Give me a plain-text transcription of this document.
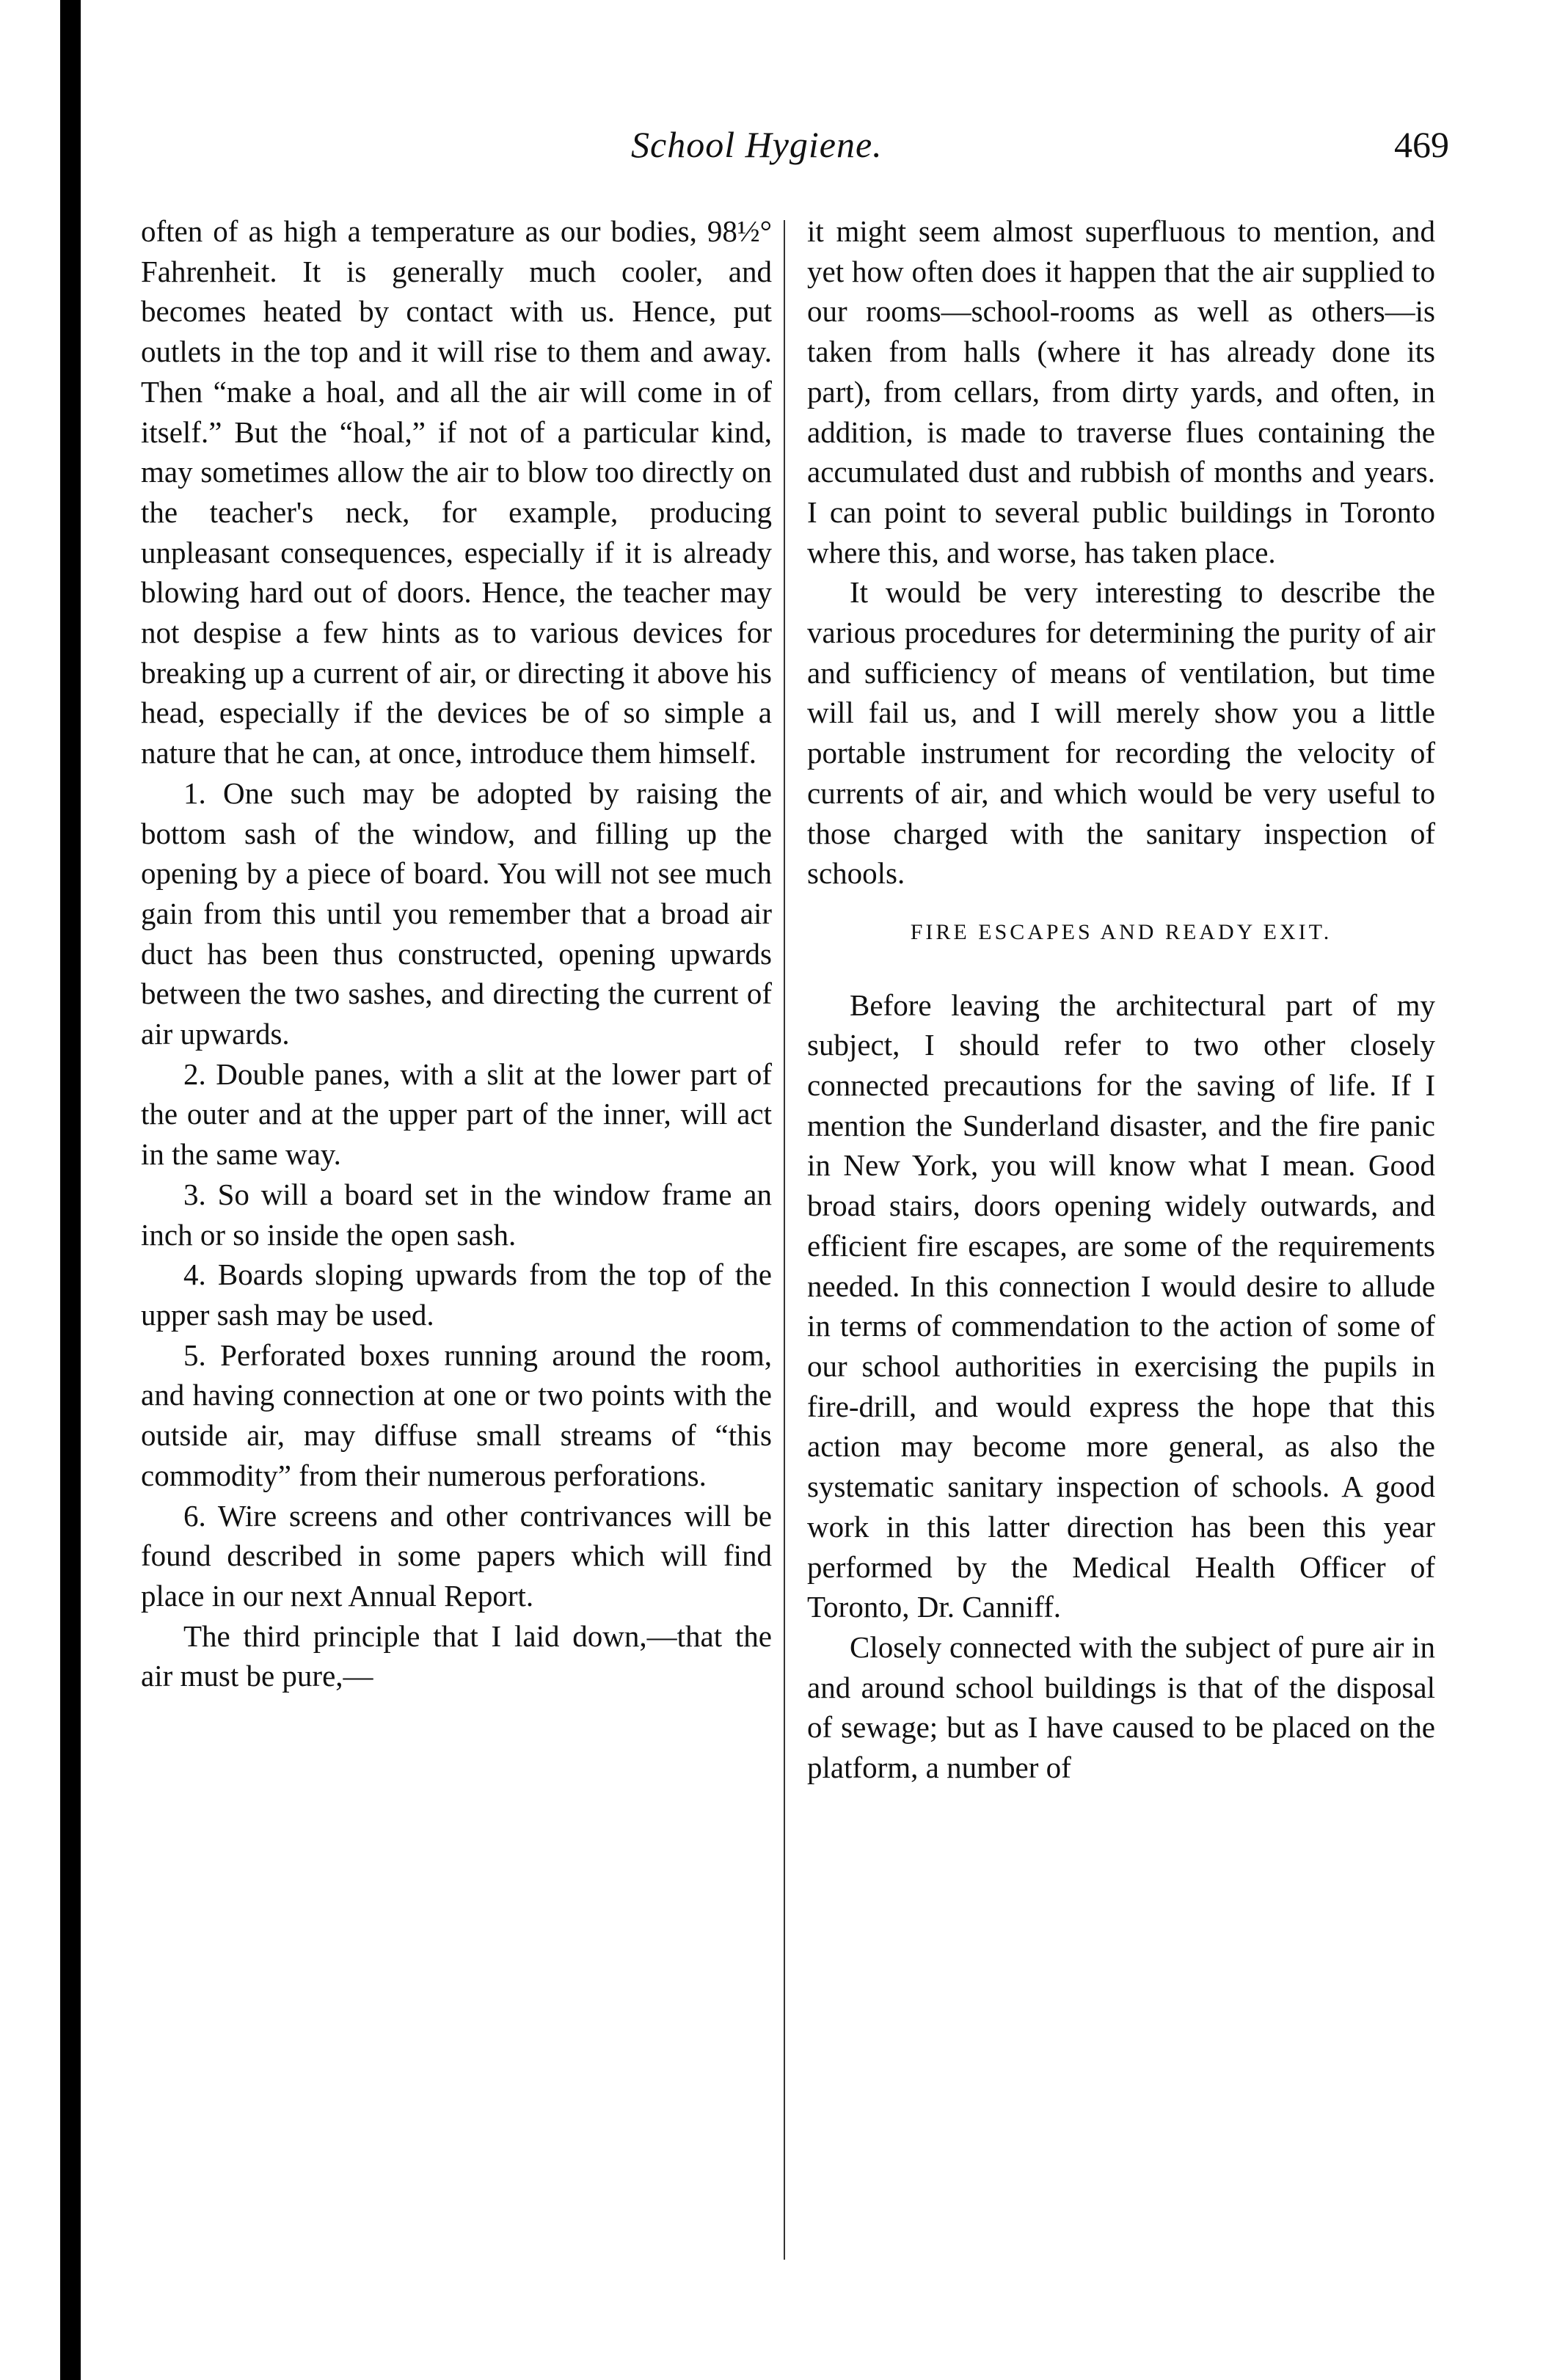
School Hygiene.	469

often of as high a temperature as our bodies, 98½° Fahrenheit. It is generally much cooler, and becomes heated by contact with us. Hence, put outlets in the top and it will rise to them and away. Then “make a hoal, and all the air will come in of itself.” But the “hoal,” if not of a particular kind, may sometimes allow the air to blow too directly on the teacher's neck, for example, producing unpleasant consequences, especially if it is already blowing hard out of doors. Hence, the teacher may not despise a few hints as to various devices for breaking up a current of air, or directing it above his head, especially if the devices be of so simple a nature that he can, at once, introduce them himself.

1. One such may be adopted by raising the bottom sash of the window, and filling up the opening by a piece of board. You will not see much gain from this until you remember that a broad air duct has been thus constructed, opening upwards between the two sashes, and directing the current of air upwards.

2. Double panes, with a slit at the lower part of the outer and at the upper part of the inner, will act in the same way.

3. So will a board set in the window frame an inch or so inside the open sash.

4. Boards sloping upwards from the top of the upper sash may be used.

5. Perforated boxes running around the room, and having connection at one or two points with the outside air, may diffuse small streams of “this commodity” from their numerous perforations.

6. Wire screens and other contrivances will be found described in some papers which will find place in our next Annual Report.

The third principle that I laid down,—that the air must be pure,—

it might seem almost superfluous to mention, and yet how often does it happen that the air supplied to our rooms—school-rooms as well as others—is taken from halls (where it has already done its part), from cellars, from dirty yards, and often, in addition, is made to traverse flues containing the accumulated dust and rubbish of months and years. I can point to several public buildings in Toronto where this, and worse, has taken place.

It would be very interesting to describe the various procedures for determining the purity of air and sufficiency of means of ventilation, but time will fail us, and I will merely show you a little portable instrument for recording the velocity of currents of air, and which would be very useful to those charged with the sanitary inspection of schools.

FIRE ESCAPES AND READY EXIT.

Before leaving the architectural part of my subject, I should refer to two other closely connected precautions for the saving of life. If I mention the Sunderland disaster, and the fire panic in New York, you will know what I mean. Good broad stairs, doors opening widely outwards, and efficient fire escapes, are some of the requirements needed. In this connection I would desire to allude in terms of commendation to the action of some of our school authorities in exercising the pupils in fire-drill, and would express the hope that this action may become more general, as also the systematic sanitary inspection of schools. A good work in this latter direction has been this year performed by the Medical Health Officer of Toronto, Dr. Canniff.

Closely connected with the subject of pure air in and around school buildings is that of the disposal of sewage; but as I have caused to be placed on the platform, a number of
